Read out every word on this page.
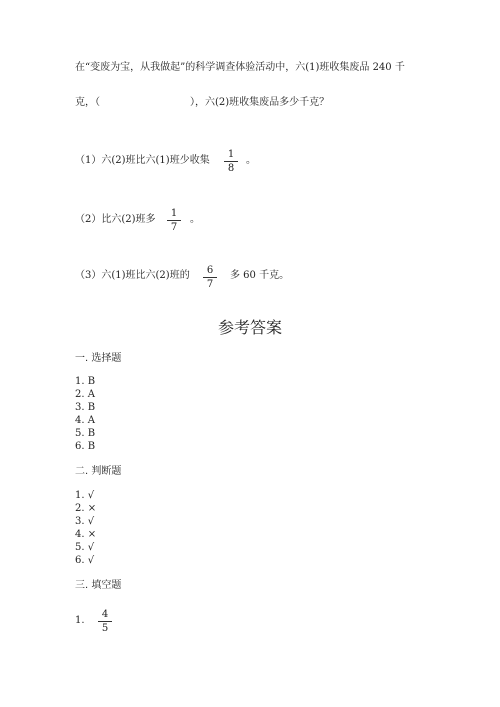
在“变废为宝，从我做起”的科学调查体验活动中，六(1)班收集废品 240 千
克，（	），六(2)班收集废品多少千克？
（1）六(2)班比六(1)班少收集
1
8
。
（2）比六(2)班多
1
7
。
（3）六(1)班比六(2)班的	6
7
多 60 千克。
参考答案
一. 选择题
1. B
2. A
3. B
4. A
5. B
6. B
二. 判断题
1. √
2. ×
3. √
4. ×
5. √
6. √
三. 填空题
1.
4
5
